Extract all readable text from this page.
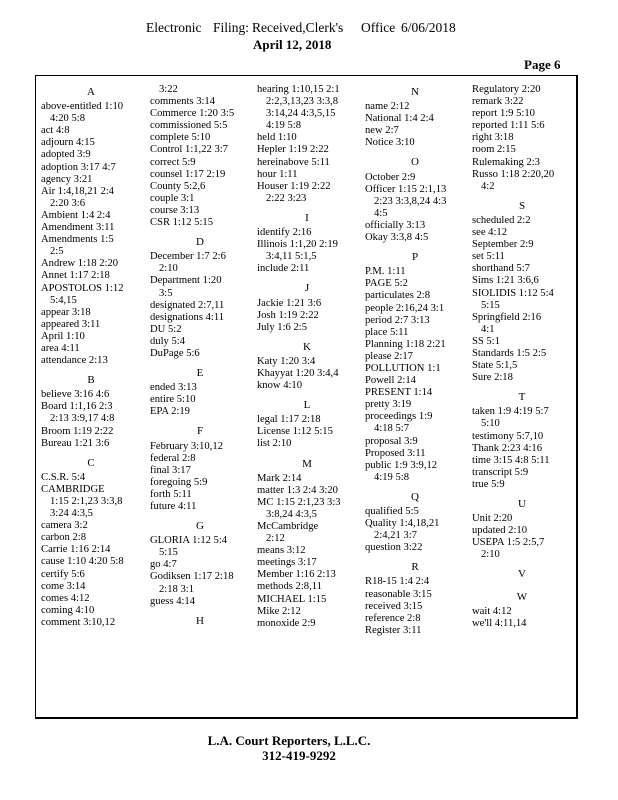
Electronic

Filing:

Received,Clerk's

Office

6/06/2018

April 12, 2018
Page 6
A
above-entitled 1:10
4:20 5:8
act 4:8
adjourn 4:15
adopted 3:9
adoption 3:17 4:7
agency 3:21
Air 1:4,18,21 2:4
2:20 3:6
Ambient 1:4 2:4
Amendment 3:11
Amendments 1:5
2:5
Andrew 1:18 2:20
Annet 1:17 2:18
APOSTOLOS 1:12
5:4,15
appear 3:18
appeared 3:11
April 1:10
area 4:11
attendance 2:13
B
believe 3:16 4:6
Board 1:1,16 2:3
2:13 3:9,17 4:8
Broom 1:19 2:22
Bureau 1:21 3:6
C
C.S.R. 5:4
CAMBRIDGE
1:15 2:1,23 3:3,8
3:24 4:3,5
camera 3:2
carbon 2:8
Carrie 1:16 2:14
cause 1:10 4:20 5:8
certify 5:6
come 3:14
comes 4:12
coming 4:10
comment 3:10,12
3:22
comments 3:14
Commerce 1:20 3:5
commissioned 5:5
complete 5:10
Control 1:1,22 3:7
correct 5:9
counsel 1:17 2:19
County 5:2,6
couple 3:1
course 3:13
CSR 1:12 5:15
D
December 1:7 2:6
2:10
Department 1:20
3:5
designated 2:7,11
designations 4:11
DU 5:2
duly 5:4
DuPage 5:6
E
ended 3:13
entire 5:10
EPA 2:19
F
February 3:10,12
federal 2:8
final 3:17
foregoing 5:9
forth 5:11
future 4:11
G
GLORIA 1:12 5:4
5:15
go 4:7
Godiksen 1:17 2:18
2:18 3:1
guess 4:14
H
hearing 1:10,15 2:1
2:2,3,13,23 3:3,8
3:14,24 4:3,5,15
4:19 5:8
held 1:10
Hepler 1:19 2:22
hereinabove 5:11
hour 1:11
Houser 1:19 2:22
2:22 3:23
I
identify 2:16
Illinois 1:1,20 2:19
3:4,11 5:1,5
include 2:11
J
Jackie 1:21 3:6
Josh 1:19 2:22
July 1:6 2:5
K
Katy 1:20 3:4
Khayyat 1:20 3:4,4
know 4:10
L
legal 1:17 2:18
License 1:12 5:15
list 2:10
M
Mark 2:14
matter 1:3 2:4 3:20
MC 1:15 2:1,23 3:3
3:8,24 4:3,5
McCambridge
2:12
means 3:12
meetings 3:17
Member 1:16 2:13
methods 2:8,11
MICHAEL 1:15
Mike 2:12
monoxide 2:9
N
name 2:12
National 1:4 2:4
new 2:7
Notice 3:10
O
October 2:9
Officer 1:15 2:1,13
2:23 3:3,8,24 4:3
4:5
officially 3:13
Okay 3:3,8 4:5
P
P.M. 1:11
PAGE 5:2
particulates 2:8
people 2:16,24 3:1
period 2:7 3:13
place 5:11
Planning 1:18 2:21
please 2:17
POLLUTION 1:1
Powell 2:14
PRESENT 1:14
pretty 3:19
proceedings 1:9
4:18 5:7
proposal 3:9
Proposed 3:11
public 1:9 3:9,12
4:19 5:8
Q
qualified 5:5
Quality 1:4,18,21
2:4,21 3:7
question 3:22
R
R18-15 1:4 2:4
reasonable 3:15
received 3:15
reference 2:8
Register 3:11
Regulatory 2:20
remark 3:22
report 1:9 5:10
reported 1:11 5:6
right 3:18
room 2:15
Rulemaking 2:3
Russo 1:18 2:20,20
4:2
S
scheduled 2:2
see 4:12
September 2:9
set 5:11
shorthand 5:7
Sims 1:21 3:6,6
SIOLIDIS 1:12 5:4
5:15
Springfield 2:16
4:1
SS 5:1
Standards 1:5 2:5
State 5:1,5
Sure 2:18
T
taken 1:9 4:19 5:7
5:10
testimony 5:7,10
Thank 2:23 4:16
time 3:15 4:8 5:11
transcript 5:9
true 5:9
U
Unit 2:20
updated 2:10
USEPA 1:5 2:5,7
2:10
V
W
wait 4:12
we'll 4:11,14
L.A. Court Reporters, L.L.C.
312-419-9292
